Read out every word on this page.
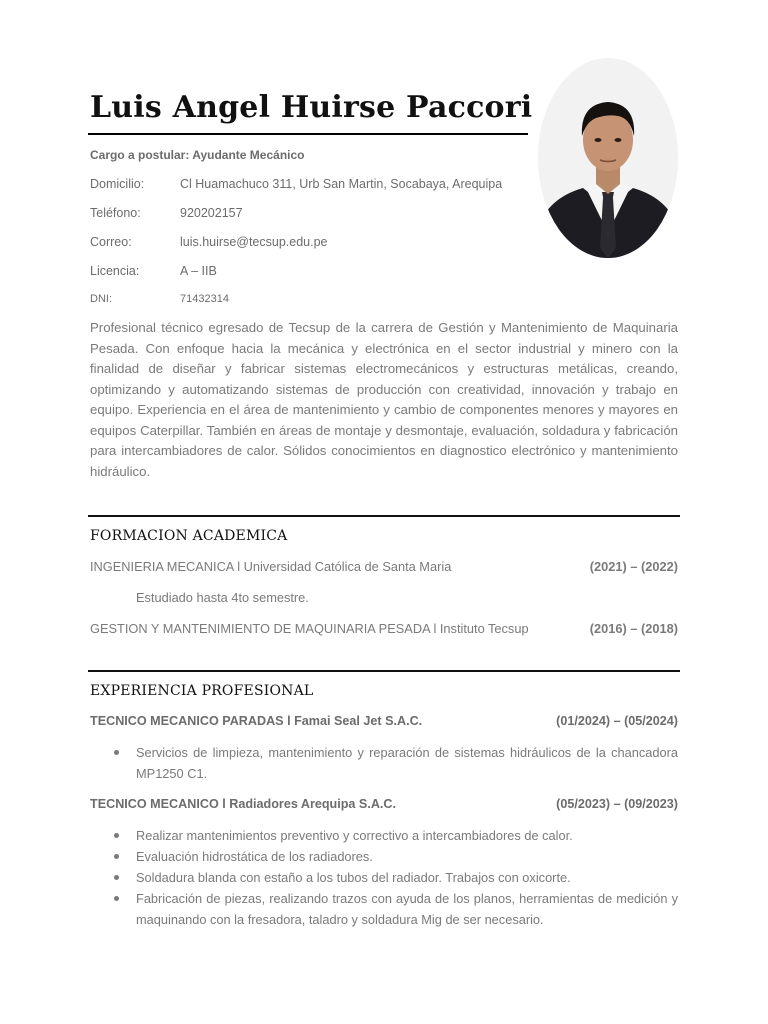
Luis Angel Huirse Paccori
Cargo a postular: Ayudante Mecánico
Domicilio:	Cl Huamachuco 311, Urb San Martin, Socabaya, Arequipa
Teléfono:	920202157
Correo:	luis.huirse@tecsup.edu.pe
Licencia:	A – IIB
DNI:	71432314

Profesional técnico egresado de Tecsup de la carrera de Gestión y Mantenimiento de Maquinaria Pesada. Con enfoque hacia la mecánica y electrónica en el sector industrial y minero con la finalidad de diseñar y fabricar sistemas electromecánicos y estructuras metálicas, creando, optimizando y automatizando sistemas de producción con creatividad, innovación y trabajo en equipo. Experiencia en el área de mantenimiento y cambio de componentes menores y mayores en equipos Caterpillar. También en áreas de montaje y desmontaje, evaluación, soldadura y fabricación para intercambiadores de calor. Sólidos conocimientos en diagnostico electrónico y mantenimiento hidráulico.

FORMACION ACADEMICA
INGENIERIA MECANICA l Universidad Católica de Santa Maria	(2021) – (2022)
Estudiado hasta 4to semestre.
GESTION Y MANTENIMIENTO DE MAQUINARIA PESADA l Instituto Tecsup	(2016) – (2018)
EXPERIENCIA PROFESIONAL
TECNICO MECANICO PARADAS l Famai Seal Jet S.A.C.	(01/2024) – (05/2024)
Servicios de limpieza, mantenimiento y reparación de sistemas hidráulicos de la chancadora MP1250 C1.
TECNICO MECANICO l Radiadores Arequipa S.A.C.	(05/2023) – (09/2023)
Realizar mantenimientos preventivo y correctivo a intercambiadores de calor.
Evaluación hidrostática de los radiadores.
Soldadura blanda con estaño a los tubos del radiador. Trabajos con oxicorte.
Fabricación de piezas, realizando trazos con ayuda de los planos, herramientas de medición y maquinando con la fresadora, taladro y soldadura Mig de ser necesario.
